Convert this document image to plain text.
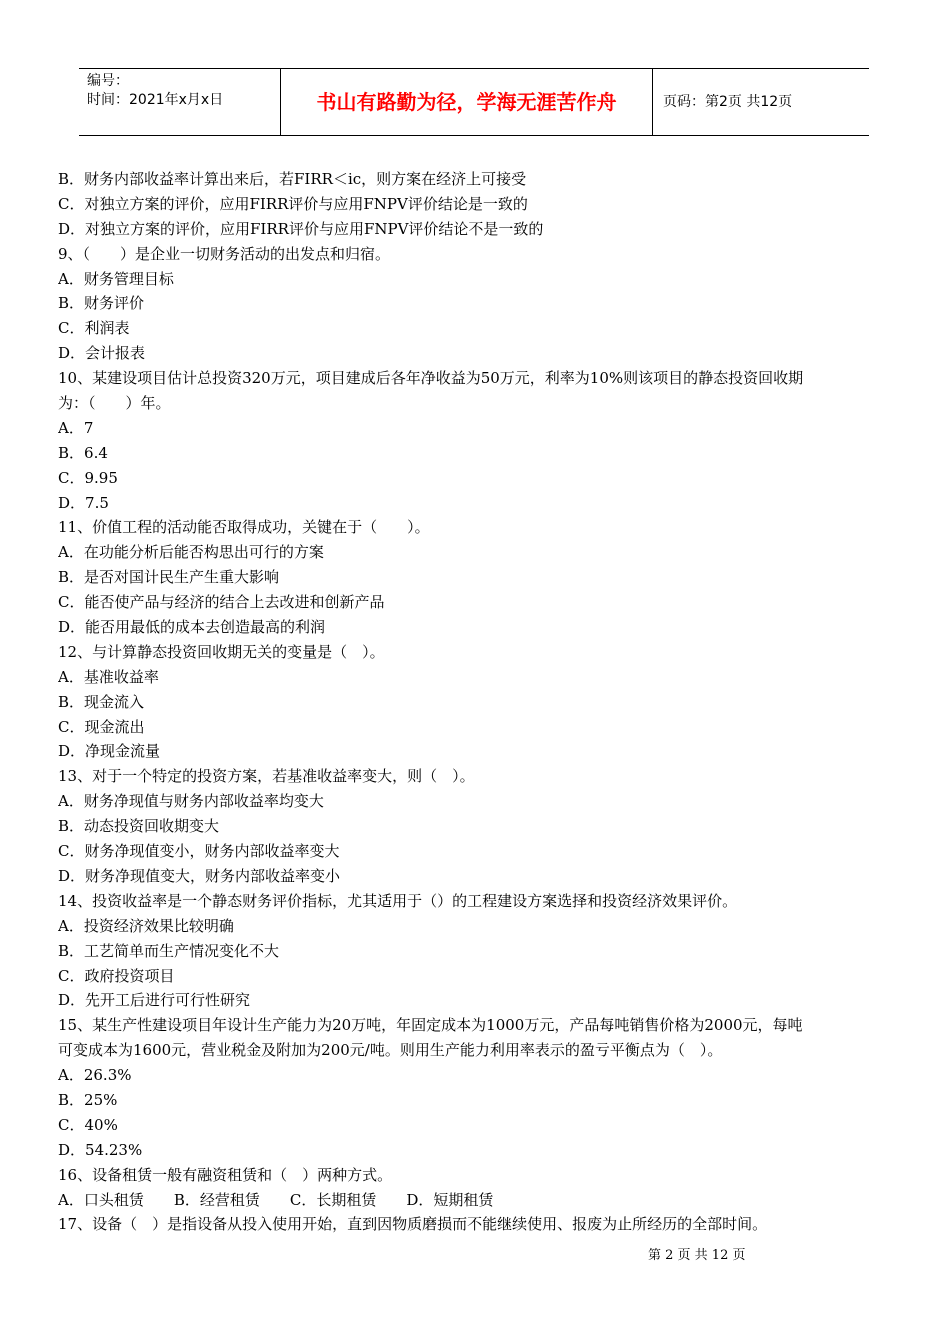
编号：
时间：2021年x月x日	书山有路勤为径，学海无涯苦作舟	页码：第2页 共12页
B．财务内部收益率计算出来后，若FIRR＜ic，则方案在经济上可接受
C．对独立方案的评价，应用FIRR评价与应用FNPV评价结论是一致的
D．对独立方案的评价，应用FIRR评价与应用FNPV评价结论不是一致的
9、（　　）是企业一切财务活动的出发点和归宿。
A．财务管理目标
B．财务评价
C．利润表
D．会计报表
10、某建设项目估计总投资320万元，项目建成后各年净收益为50万元，利率为10%则该项目的静态投资回收期
为：（　　）年。
A．7
B．6.4
C．9.95
D．7.5
11、价值工程的活动能否取得成功，关键在于（　　）。
A．在功能分析后能否构思出可行的方案
B．是否对国计民生产生重大影响
C．能否使产品与经济的结合上去改进和创新产品
D．能否用最低的成本去创造最高的利润
12、与计算静态投资回收期无关的变量是（　）。
A．基准收益率
B．现金流入
C．现金流出
D．净现金流量
13、对于一个特定的投资方案，若基准收益率变大，则（　）。
A．财务净现值与财务内部收益率均变大
B．动态投资回收期变大
C．财务净现值变小，财务内部收益率变大
D．财务净现值变大，财务内部收益率变小
14、投资收益率是一个静态财务评价指标，尤其适用于（）的工程建设方案选择和投资经济效果评价。
A．投资经济效果比较明确
B．工艺简单而生产情况变化不大
C．政府投资项目
D．先开工后进行可行性研究
15、某生产性建设项目年设计生产能力为20万吨，年固定成本为1000万元，产品每吨销售价格为2000元，每吨
可变成本为1600元，营业税金及附加为200元/吨。则用生产能力利用率表示的盈亏平衡点为（　）。
A．26.3%
B．25%
C．40%
D．54.23%
16、设备租赁一般有融资租赁和（　）两种方式。
A．口头租赁　　B．经营租赁　　C．长期租赁　　D．短期租赁
17、设备（　）是指设备从投入使用开始，直到因物质磨损而不能继续使用、报废为止所经历的全部时间。
第 2 页 共 12 页
